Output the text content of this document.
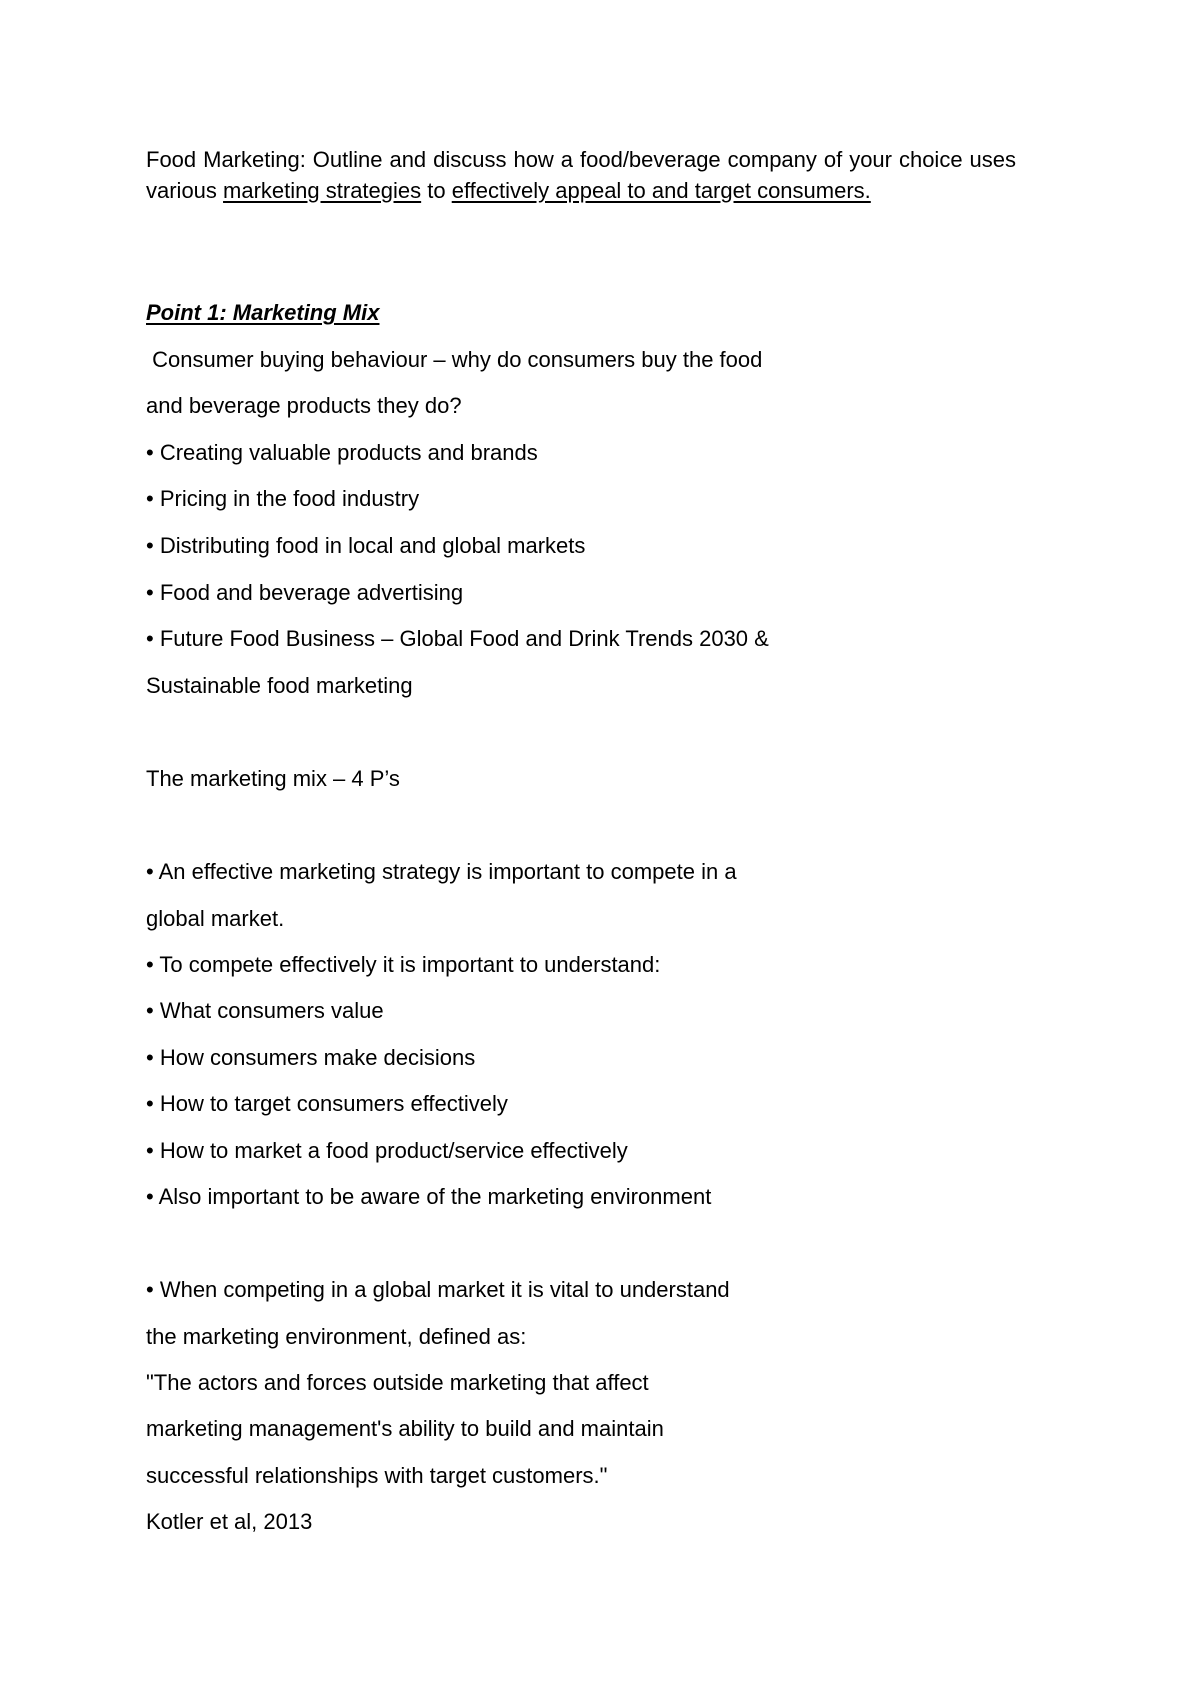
Food Marketing: Outline and discuss how a food/beverage company of your choice uses various marketing strategies to effectively appeal to and target consumers.
Point 1: Marketing Mix
Consumer buying behaviour – why do consumers buy the food
and beverage products they do?
• Creating valuable products and brands
• Pricing in the food industry
• Distributing food in local and global markets
• Food and beverage advertising
• Future Food Business – Global Food and Drink Trends 2030 &
Sustainable food marketing
The marketing mix – 4 P’s
• An effective marketing strategy is important to compete in a
global market.
• To compete effectively it is important to understand:
• What consumers value
• How consumers make decisions
• How to target consumers effectively
• How to market a food product/service effectively
• Also important to be aware of the marketing environment
• When competing in a global market it is vital to understand
the marketing environment, defined as:
"The actors and forces outside marketing that affect
marketing management's ability to build and maintain
successful relationships with target customers."
Kotler et al, 2013
